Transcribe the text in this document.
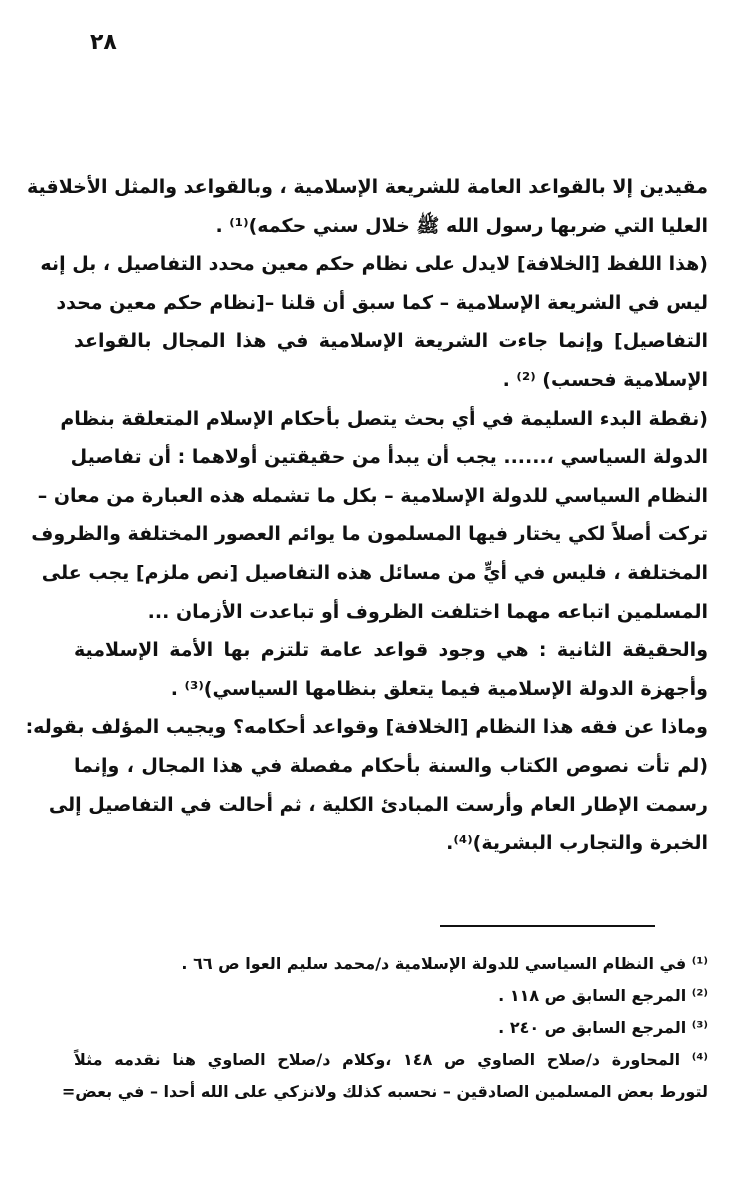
٢٨
مقيدين إلا بالقواعد العامة للشريعة الإسلامية ، وبالقواعد والمثل الأخلاقية
العليا التي ضربها رسول الله ﷺ خلال سني حكمه)⁽¹⁾ .
(هذا اللفظ [الخلافة] لايدل على نظام حكم معين محدد التفاصيل ، بل إنه
ليس في الشريعة الإسلامية – كما سبق أن قلنا –[نظام حكم معين محدد
التفاصيل] وإنما جاءت الشريعة الإسلامية في هذا المجال بالقواعد
الإسلامية فحسب) ⁽²⁾ .
(نقطة البدء السليمة في أي بحث يتصل بأحكام الإسلام المتعلقة بنظام
الدولة السياسي ،...... يجب أن يبدأ من حقيقتين أولاهما : أن تفاصيل
النظام السياسي للدولة الإسلامية – بكل ما تشمله هذه العبارة من معان –
تركت أصلاً لكي يختار فيها المسلمون ما يوائم العصور المختلفة والظروف
المختلفة ، فليس في أيٍّ من مسائل هذه التفاصيل [نص ملزم] يجب على
المسلمين اتباعه مهما اختلفت الظروف أو تباعدت الأزمان ...
والحقيقة الثانية : هي وجود قواعد عامة تلتزم بها الأمة الإسلامية
وأجهزة الدولة الإسلامية فيما يتعلق بنظامها السياسي)⁽³⁾ .
وماذا عن فقه هذا النظام [الخلافة] وقواعد أحكامه؟ ويجيب المؤلف بقوله:
(لم تأت نصوص الكتاب والسنة بأحكام مفصلة في هذا المجال ، وإنما
رسمت الإطار العام وأرست المبادئ الكلية ، ثم أحالت في التفاصيل إلى
الخبرة والتجارب البشرية)⁽⁴⁾.
⁽¹⁾ في النظام السياسي للدولة الإسلامية د/محمد سليم العوا ص ٦٦ .
⁽²⁾ المرجع السابق ص ١١٨ .
⁽³⁾ المرجع السابق ص ٢٤٠ .
⁽⁴⁾ المحاورة د/صلاح الصاوي ص ١٤٨ ،وكلام د/صلاح الصاوي هنا نقدمه مثلاً
لتورط بعض المسلمين الصادقين – نحسبه كذلك ولانزكي على الله أحدا – في بعض=
